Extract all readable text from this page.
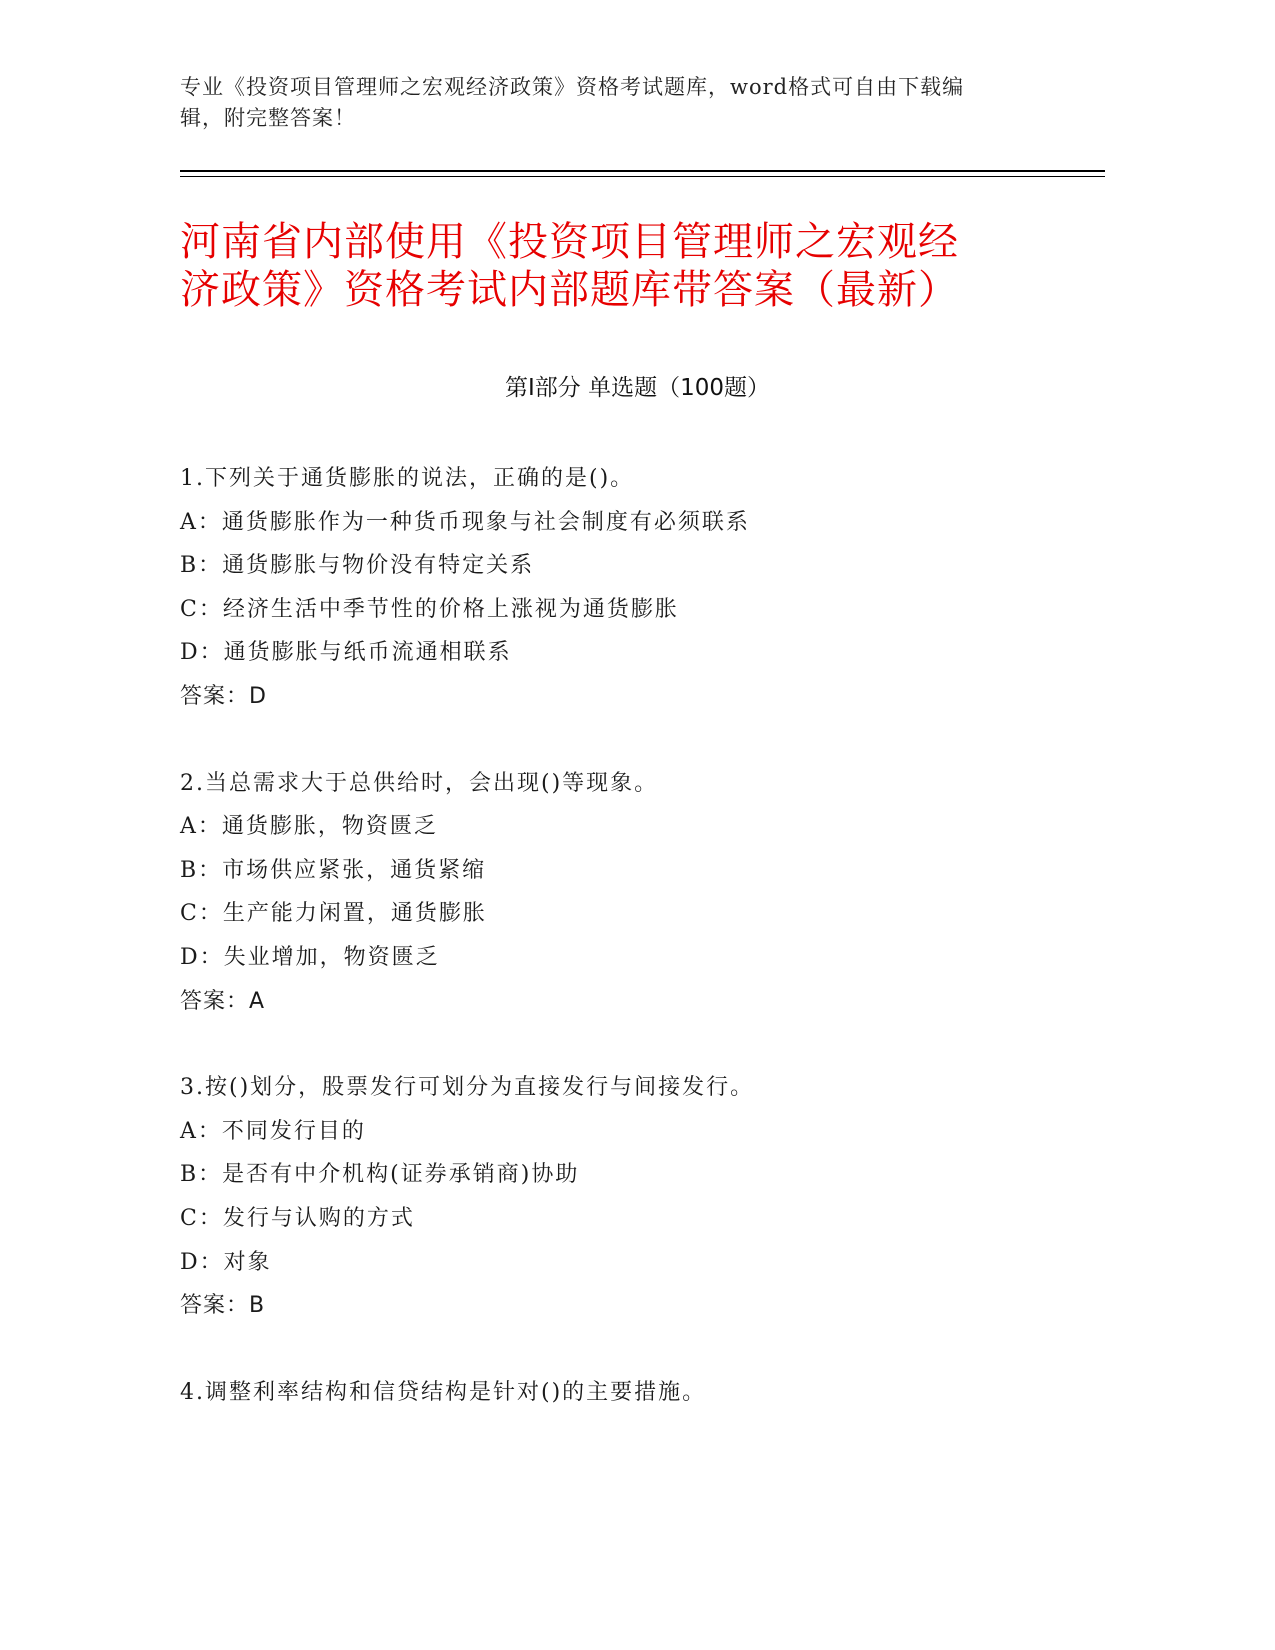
专业《投资项目管理师之宏观经济政策》资格考试题库，word格式可自由下载编
辑，附完整答案！
河南省内部使用《投资项目管理师之宏观经
济政策》资格考试内部题库带答案（最新）
第Ⅰ部分 单选题（100题）
1.下列关于通货膨胀的说法，正确的是()。
A：通货膨胀作为一种货币现象与社会制度有必须联系
B：通货膨胀与物价没有特定关系
C：经济生活中季节性的价格上涨视为通货膨胀
D：通货膨胀与纸币流通相联系
答案：D
2.当总需求大于总供给时，会出现()等现象。
A：通货膨胀，物资匮乏
B：市场供应紧张，通货紧缩
C：生产能力闲置，通货膨胀
D：失业增加，物资匮乏
答案：A
3.按()划分，股票发行可划分为直接发行与间接发行。
A：不同发行目的
B：是否有中介机构(证券承销商)协助
C：发行与认购的方式
D：对象
答案：B
4.调整利率结构和信贷结构是针对()的主要措施。
